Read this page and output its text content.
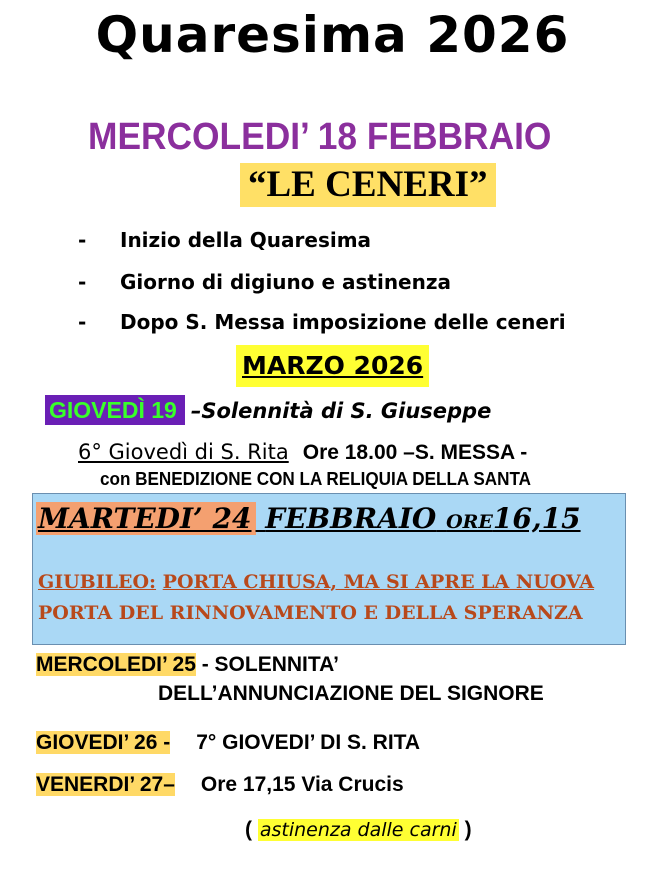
Quaresima 2026
MERCOLEDI’ 18 FEBBRAIO
“LE CENERI”
- Inizio della Quaresima
- Giorno di digiuno e astinenza
- Dopo S. Messa imposizione delle ceneri
MARZO 2026
GIOVEDÌ 19 –Solennità di S. Giuseppe
6° Giovedì di S. Rita Ore 18.00 –S. MESSA -
con BENEDIZIONE CON LA RELIQUIA DELLA SANTA
MARTEDI’ 24 FEBBRAIO ORE16,15
GIUBILEO: PORTA CHIUSA, MA SI APRE LA NUOVA
PORTA DEL RINNOVAMENTO E DELLA SPERANZA
MERCOLEDI’ 25 - SOLENNITA’
DELL’ANNUNCIAZIONE DEL SIGNORE
GIOVEDI’ 26 - 7° GIOVEDI’ DI S. RITA
VENERDI’ 27– Ore 17,15 Via Crucis
( astinenza dalle carni )
